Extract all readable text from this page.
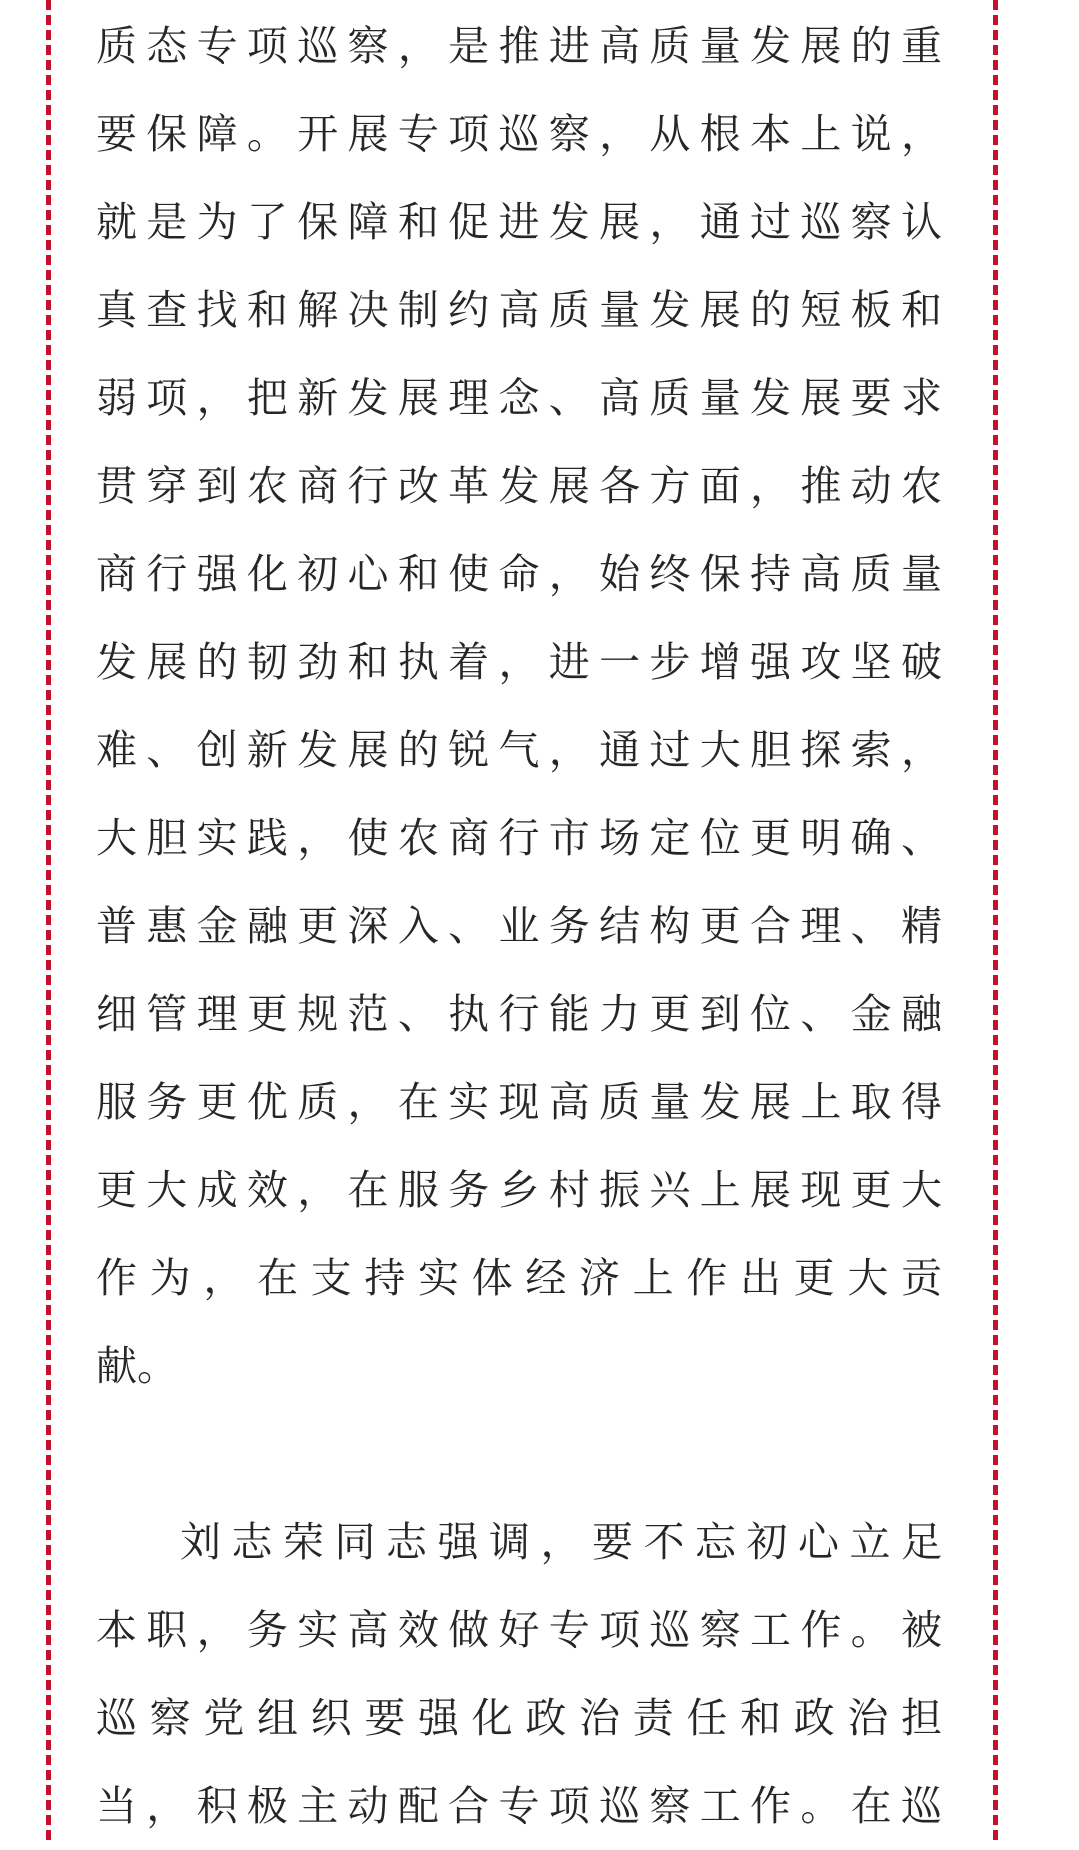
质态专项巡察，是推进高质量发展的重
要保障。开展专项巡察，从根本上说，
就是为了保障和促进发展，通过巡察认
真查找和解决制约高质量发展的短板和
弱项，把新发展理念、高质量发展要求
贯穿到农商行改革发展各方面，推动农
商行强化初心和使命，始终保持高质量
发展的韧劲和执着，进一步增强攻坚破
难、创新发展的锐气，通过大胆探索，
大胆实践，使农商行市场定位更明确、
普惠金融更深入、业务结构更合理、精
细管理更规范、执行能力更到位、金融
服务更优质，在实现高质量发展上取得
更大成效，在服务乡村振兴上展现更大
作为，在支持实体经济上作出更大贡
献。
刘志荣同志强调，要不忘初心立足
本职，务实高效做好专项巡察工作。被
巡察党组织要强化政治责任和政治担
当，积极主动配合专项巡察工作。在巡
